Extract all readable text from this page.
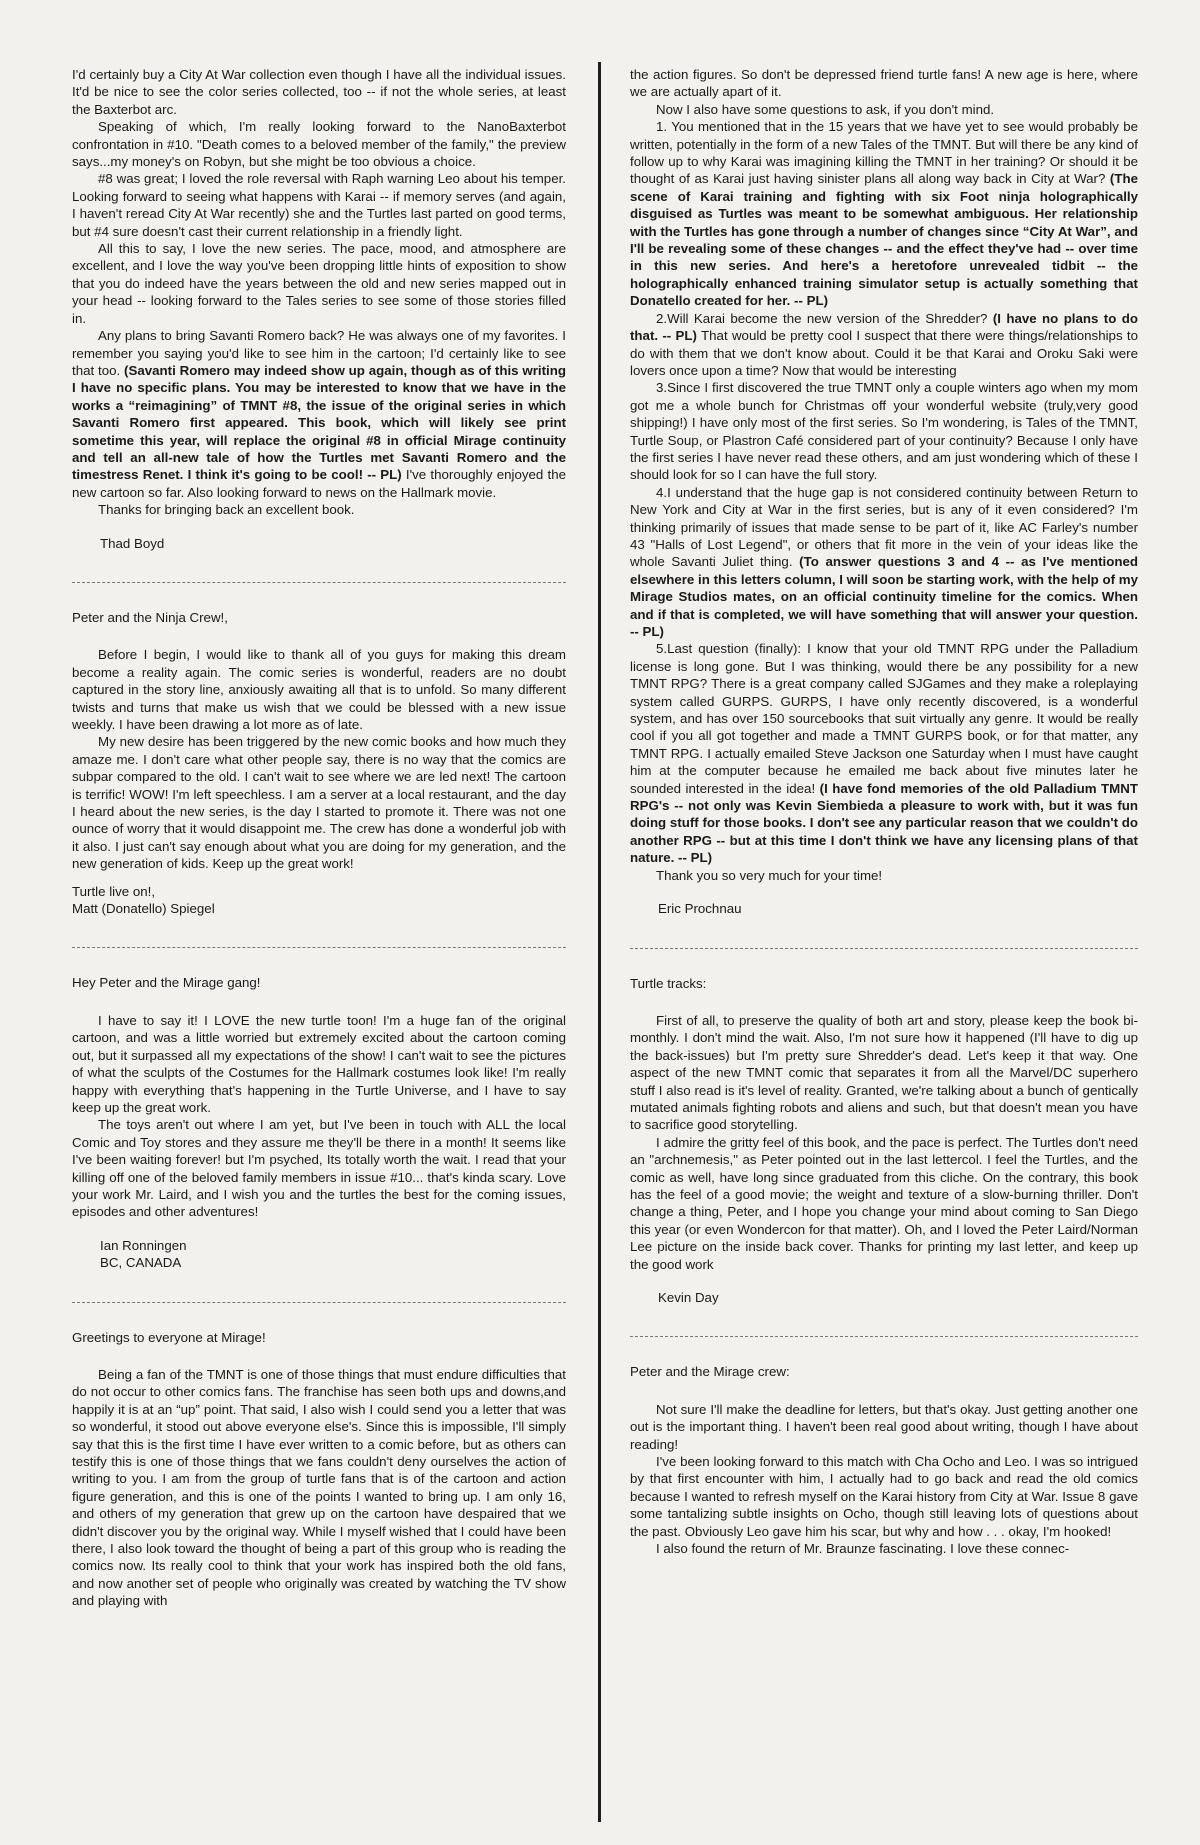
I'd certainly buy a City At War collection even though I have all the individual issues. It'd be nice to see the color series collected, too -- if not the whole series, at least the Baxterbot arc.

Speaking of which, I'm really looking forward to the NanoBaxterbot confrontation in #10. "Death comes to a beloved member of the family," the preview says...my money's on Robyn, but she might be too obvious a choice.

#8 was great; I loved the role reversal with Raph warning Leo about his temper. Looking forward to seeing what happens with Karai -- if memory serves (and again, I haven't reread City At War recently) she and the Turtles last parted on good terms, but #4 sure doesn't cast their current relationship in a friendly light.

All this to say, I love the new series. The pace, mood, and atmosphere are excellent, and I love the way you've been dropping little hints of exposition to show that you do indeed have the years between the old and new series mapped out in your head -- looking forward to the Tales series to see some of those stories filled in.

Any plans to bring Savanti Romero back? He was always one of my favorites. I remember you saying you'd like to see him in the cartoon; I'd certainly like to see that too. (Savanti Romero may indeed show up again, though as of this writing I have no specific plans. You may be interested to know that we have in the works a “reimagining” of TMNT #8, the issue of the original series in which Savanti Romero first appeared. This book, which will likely see print sometime this year, will replace the original #8 in official Mirage continuity and tell an all-new tale of how the Turtles met Savanti Romero and the timestress Renet. I think it's going to be cool! -- PL) I've thoroughly enjoyed the new cartoon so far. Also looking forward to news on the Hallmark movie.

Thanks for bringing back an excellent book.

Thad Boyd

Peter and the Ninja Crew!,

Before I begin, I would like to thank all of you guys for making this dream become a reality again. The comic series is wonderful, readers are no doubt captured in the story line, anxiously awaiting all that is to unfold. So many different twists and turns that make us wish that we could be blessed with a new issue weekly. I have been drawing a lot more as of late.

My new desire has been triggered by the new comic books and how much they amaze me. I don't care what other people say, there is no way that the comics are subpar compared to the old. I can't wait to see where we are led next! The cartoon is terrific! WOW! I'm left speechless. I am a server at a local restaurant, and the day I heard about the new series, is the day I started to promote it. There was not one ounce of worry that it would disappoint me. The crew has done a wonderful job with it also. I just can't say enough about what you are doing for my generation, and the new generation of kids. Keep up the great work!

Turtle live on!,

Matt (Donatello) Spiegel

Hey Peter and the Mirage gang!

I have to say it! I LOVE the new turtle toon! I'm a huge fan of the original cartoon, and was a little worried but extremely excited about the cartoon coming out, but it surpassed all my expectations of the show! I can't wait to see the pictures of what the sculpts of the Costumes for the Hallmark costumes look like! I'm really happy with everything that's happening in the Turtle Universe, and I have to say keep up the great work.

The toys aren't out where I am yet, but I've been in touch with ALL the local Comic and Toy stores and they assure me they'll be there in a month! It seems like I've been waiting forever! but I'm psyched, Its totally worth the wait. I read that your killing off one of the beloved family members in issue #10... that's kinda scary. Love your work Mr. Laird, and I wish you and the turtles the best for the coming issues, episodes and other adventures!

Ian Ronningen

BC, CANADA

Greetings to everyone at Mirage!

Being a fan of the TMNT is one of those things that must endure difficulties that do not occur to other comics fans. The franchise has seen both ups and downs,and happily it is at an “up” point. That said, I also wish I could send you a letter that was so wonderful, it stood out above everyone else's. Since this is impossible, I'll simply say that this is the first time I have ever written to a comic before, but as others can testify this is one of those things that we fans couldn't deny ourselves the action of writing to you. I am from the group of turtle fans that is of the cartoon and action figure generation, and this is one of the points I wanted to bring up. I am only 16, and others of my generation that grew up on the cartoon have despaired that we didn't discover you by the original way. While I myself wished that I could have been there, I also look toward the thought of being a part of this group who is reading the comics now. Its really cool to think that your work has inspired both the old fans, and now another set of people who originally was created by watching the TV show and playing with

the action figures. So don't be depressed friend turtle fans! A new age is here, where we are actually apart of it.

Now I also have some questions to ask, if you don't mind.

1. You mentioned that in the 15 years that we have yet to see would probably be written, potentially in the form of a new Tales of the TMNT. But will there be any kind of follow up to why Karai was imagining killing the TMNT in her training? Or should it be thought of as Karai just having sinister plans all along way back in City at War? (The scene of Karai training and fighting with six Foot ninja holographically disguised as Turtles was meant to be somewhat ambiguous. Her relationship with the Turtles has gone through a number of changes since “City At War”, and I'll be revealing some of these changes -- and the effect they've had -- over time in this new series. And here's a heretofore unrevealed tidbit -- the holographically enhanced training simulator setup is actually something that Donatello created for her. -- PL)

2.Will Karai become the new version of the Shredder? (I have no plans to do that. -- PL) That would be pretty cool I suspect that there were things/relationships to do with them that we don't know about. Could it be that Karai and Oroku Saki were lovers once upon a time? Now that would be interesting

3.Since I first discovered the true TMNT only a couple winters ago when my mom got me a whole bunch for Christmas off your wonderful website (truly,very good shipping!) I have only most of the first series. So I'm wondering, is Tales of the TMNT, Turtle Soup, or Plastron Café considered part of your continuity? Because I only have the first series I have never read these others, and am just wondering which of these I should look for so I can have the full story.

4.I understand that the huge gap is not considered continuity between Return to New York and City at War in the first series, but is any of it even considered? I'm thinking primarily of issues that made sense to be part of it, like AC Farley's number 43 "Halls of Lost Legend", or others that fit more in the vein of your ideas like the whole Savanti Juliet thing. (To answer questions 3 and 4 -- as I've mentioned elsewhere in this letters column, I will soon be starting work, with the help of my Mirage Studios mates, on an official continuity timeline for the comics. When and if that is completed, we will have something that will answer your question. -- PL)

5.Last question (finally): I know that your old TMNT RPG under the Palladium license is long gone. But I was thinking, would there be any possibility for a new TMNT RPG? There is a great company called SJGames and they make a roleplaying system called GURPS. GURPS, I have only recently discovered, is a wonderful system, and has over 150 sourcebooks that suit virtually any genre. It would be really cool if you all got together and made a TMNT GURPS book, or for that matter, any TMNT RPG. I actually emailed Steve Jackson one Saturday when I must have caught him at the computer because he emailed me back about five minutes later he sounded interested in the idea! (I have fond memories of the old Palladium TMNT RPG's -- not only was Kevin Siembieda a pleasure to work with, but it was fun doing stuff for those books. I don't see any particular reason that we couldn't do another RPG -- but at this time I don't think we have any licensing plans of that nature. -- PL)

Thank you so very much for your time!

Eric Prochnau

Turtle tracks:

First of all, to preserve the quality of both art and story, please keep the book bi-monthly. I don't mind the wait. Also, I'm not sure how it happened (I'll have to dig up the back-issues) but I'm pretty sure Shredder's dead. Let's keep it that way. One aspect of the new TMNT comic that separates it from all the Marvel/DC superhero stuff I also read is it's level of reality. Granted, we're talking about a bunch of gentically mutated animals fighting robots and aliens and such, but that doesn't mean you have to sacrifice good storytelling.

I admire the gritty feel of this book, and the pace is perfect. The Turtles don't need an "archnemesis," as Peter pointed out in the last lettercol. I feel the Turtles, and the comic as well, have long since graduated from this cliche. On the contrary, this book has the feel of a good movie; the weight and texture of a slow-burning thriller. Don't change a thing, Peter, and I hope you change your mind about coming to San Diego this year (or even Wondercon for that matter). Oh, and I loved the Peter Laird/Norman Lee picture on the inside back cover. Thanks for printing my last letter, and keep up the good work

Kevin Day

Peter and the Mirage crew:

Not sure I'll make the deadline for letters, but that's okay. Just getting another one out is the important thing. I haven't been real good about writing, though I have about reading!

I've been looking forward to this match with Cha Ocho and Leo. I was so intrigued by that first encounter with him, I actually had to go back and read the old comics because I wanted to refresh myself on the Karai history from City at War. Issue 8 gave some tantalizing subtle insights on Ocho, though still leaving lots of questions about the past. Obviously Leo gave him his scar, but why and how . . . okay, I'm hooked!

I also found the return of Mr. Braunze fascinating. I love these connec-
